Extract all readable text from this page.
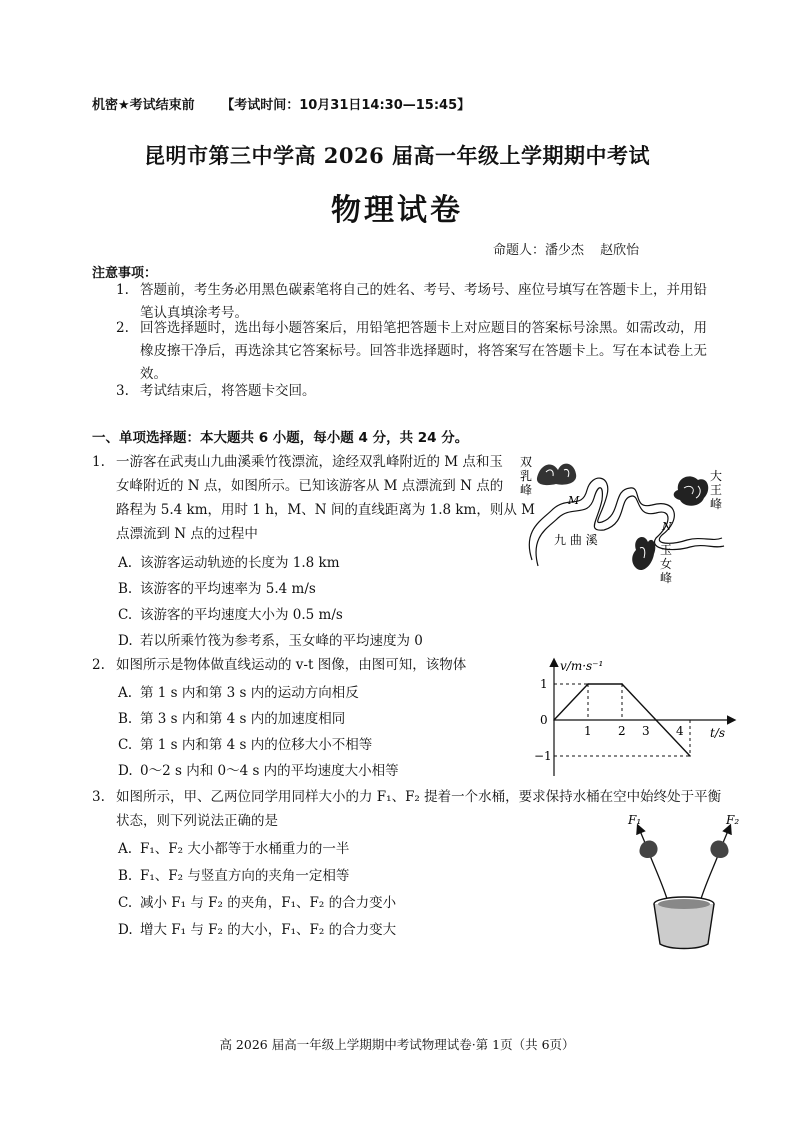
机密★考试结束前 【考试时间：10月31日14:30—15:45】
昆明市第三中学高 2026 届高一年级上学期期中考试
物理试卷
命题人：潘少杰 赵欣怡
注意事项：
1. 答题前，考生务必用黑色碳素笔将自己的姓名、考号、考场号、座位号填写在答题卡上，并用铅
笔认真填涂考号。
2. 回答选择题时，选出每小题答案后，用铅笔把答题卡上对应题目的答案标号涂黑。如需改动，用
橡皮擦干净后，再选涂其它答案标号。回答非选择题时，将答案写在答题卡上。写在本试卷上无
效。
3. 考试结束后，将答题卡交回。
一、单项选择题：本大题共 6 小题，每小题 4 分，共 24 分。
1. 一游客在武夷山九曲溪乘竹筏漂流，途经双乳峰附近的 M 点和玉
女峰附近的 N 点，如图所示。已知该游客从 M 点漂流到 N 点的
路程为 5.4 km，用时 1 h，M、N 间的直线距离为 1.8 km，则从 M
点漂流到 N 点的过程中
A. 该游客运动轨迹的长度为 1.8 km
B. 该游客的平均速率为 5.4 m/s
C. 该游客的平均速度大小为 0.5 m/s
D. 若以所乘竹筏为参考系，玉女峰的平均速度为 0
双
乳
峰
大
王
峰
玉
女
峰
九 曲 溪
M
N
2. 如图所示是物体做直线运动的 v-t 图像，由图可知，该物体
A. 第 1 s 内和第 3 s 内的运动方向相反
B. 第 3 s 内和第 4 s 内的加速度相同
C. 第 1 s 内和第 4 s 内的位移大小不相等
D. 0～2 s 内和 0～4 s 内的平均速度大小相等
1 2 3 4
1
0
−1
v/m·s⁻¹
t/s
3. 如图所示，甲、乙两位同学用同样大小的力 F₁、F₂ 提着一个水桶，要求保持水桶在空中始终处于平衡
状态，则下列说法正确的是
A. F₁、F₂ 大小都等于水桶重力的一半
B. F₁、F₂ 与竖直方向的夹角一定相等
C. 减小 F₁ 与 F₂ 的夹角，F₁、F₂ 的合力变小
D. 增大 F₁ 与 F₂ 的大小，F₁、F₂ 的合力变大
F₁	F₂
高 2026 届高一年级上学期期中考试物理试卷·第 1页（共 6页）
